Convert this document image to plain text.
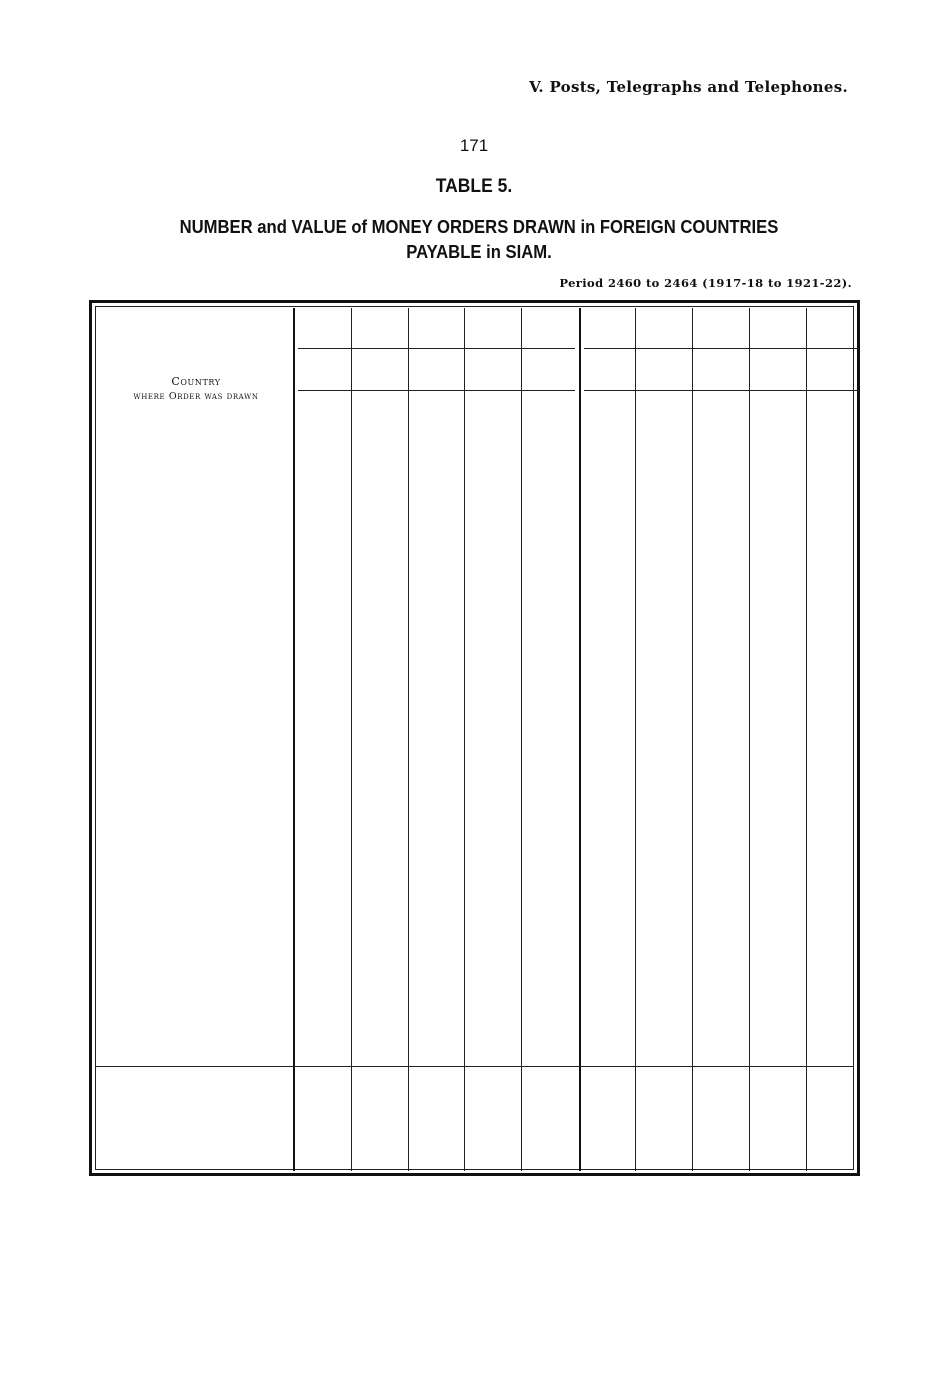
V. Posts, Telegraphs and Telephones.
171
TABLE 5.
NUMBER and VALUE of MONEY ORDERS DRAWN in FOREIGN COUNTRIES
PAYABLE in SIAM.
Period 2460 to 2464 (1917-18 to 1921-22).
Country
where Order was drawn
